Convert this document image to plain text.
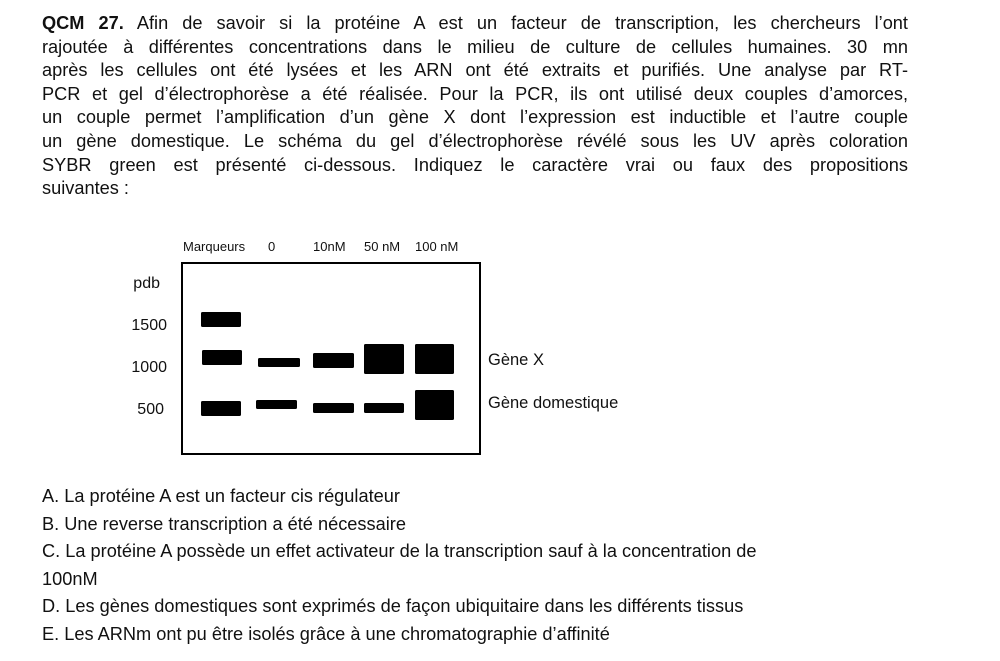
QCM 27. Afin de savoir si la protéine A est un facteur de transcription, les chercheurs l’ont
rajoutée à différentes concentrations dans le milieu de culture de cellules humaines. 30 mn
après les cellules ont été lysées et les ARN ont été extraits et purifiés. Une analyse par RT-
PCR et gel d’électrophorèse a été réalisée. Pour la PCR, ils ont utilisé deux couples d’amorces,
un couple permet l’amplification d’un gène X dont l’expression est inductible et l’autre couple
un gène domestique. Le schéma du gel d’électrophorèse révélé sous les UV après coloration
SYBR green est présenté ci-dessous. Indiquez le caractère vrai ou faux des propositions
suivantes :
Marqueurs 0	10nM 50 nM 100 nM
pdb
1500
1000
500
Gène X
Gène domestique
A. La protéine A est un facteur cis régulateur
B. Une reverse transcription a été nécessaire
C. La protéine A possède un effet activateur de la transcription sauf à la concentration de
100nM
D. Les gènes domestiques sont exprimés de façon ubiquitaire dans les différents tissus
E. Les ARNm ont pu être isolés grâce à une chromatographie d’affinité
